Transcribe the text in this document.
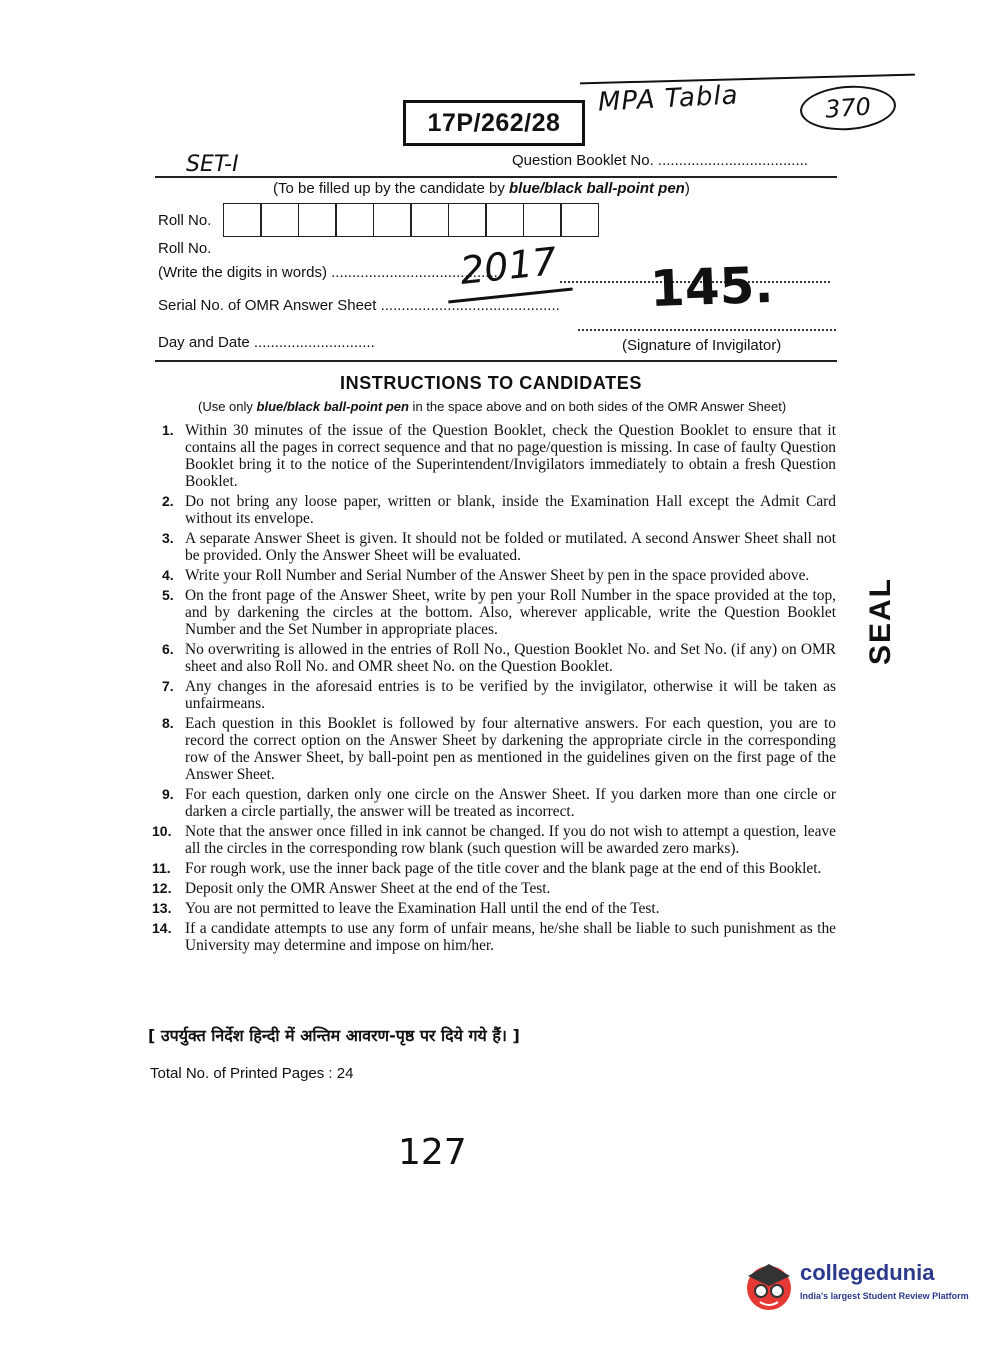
17P/262/28
MPA Tabla	370
SET-I	Question Booklet No. ....................................
(To be filled up by the candidate by blue/black ball-point pen)
Roll No.
Roll No.
(Write the digits in words) .........................................
2017 145.
Serial No. of OMR Answer Sheet ...........................................
Day and Date .............................	(Signature of Invigilator)
INSTRUCTIONS TO CANDIDATES
(Use only blue/black ball-point pen in the space above and on both sides of the OMR Answer Sheet)
1. Within 30 minutes of the issue of the Question Booklet, check the Question Booklet to ensure that it contains all the pages in correct sequence and that no page/question is missing. In case of faulty Question Booklet bring it to the notice of the Superintendent/Invigilators immediately to obtain a fresh Question Booklet.
2. Do not bring any loose paper, written or blank, inside the Examination Hall except the Admit Card without its envelope.
3. A separate Answer Sheet is given. It should not be folded or mutilated. A second Answer Sheet shall not be provided. Only the Answer Sheet will be evaluated.
4. Write your Roll Number and Serial Number of the Answer Sheet by pen in the space provided above.
5. On the front page of the Answer Sheet, write by pen your Roll Number in the space provided at the top, and by darkening the circles at the bottom. Also, wherever applicable, write the Question Booklet Number and the Set Number in appropriate places.
6. No overwriting is allowed in the entries of Roll No., Question Booklet No. and Set No. (if any) on OMR sheet and also Roll No. and OMR sheet No. on the Question Booklet.
7. Any changes in the aforesaid entries is to be verified by the invigilator, otherwise it will be taken as unfairmeans.
8. Each question in this Booklet is followed by four alternative answers. For each question, you are to record the correct option on the Answer Sheet by darkening the appropriate circle in the corresponding row of the Answer Sheet, by ball-point pen as mentioned in the guidelines given on the first page of the Answer Sheet.
9. For each question, darken only one circle on the Answer Sheet. If you darken more than one circle or darken a circle partially, the answer will be treated as incorrect.
10. Note that the answer once filled in ink cannot be changed. If you do not wish to attempt a question, leave all the circles in the corresponding row blank (such question will be awarded zero marks).
11. For rough work, use the inner back page of the title cover and the blank page at the end of this Booklet.
12. Deposit only the OMR Answer Sheet at the end of the Test.
13. You are not permitted to leave the Examination Hall until the end of the Test.
14. If a candidate attempts to use any form of unfair means, he/she shall be liable to such punishment as the University may determine and impose on him/her.
[ उपर्युक्त निर्देश हिन्दी में अन्तिम आवरण-पृष्ठ पर दिये गये हैं। ]
SEAL
Total No. of Printed Pages : 24
127
collegedunia
India's largest Student Review Platform
